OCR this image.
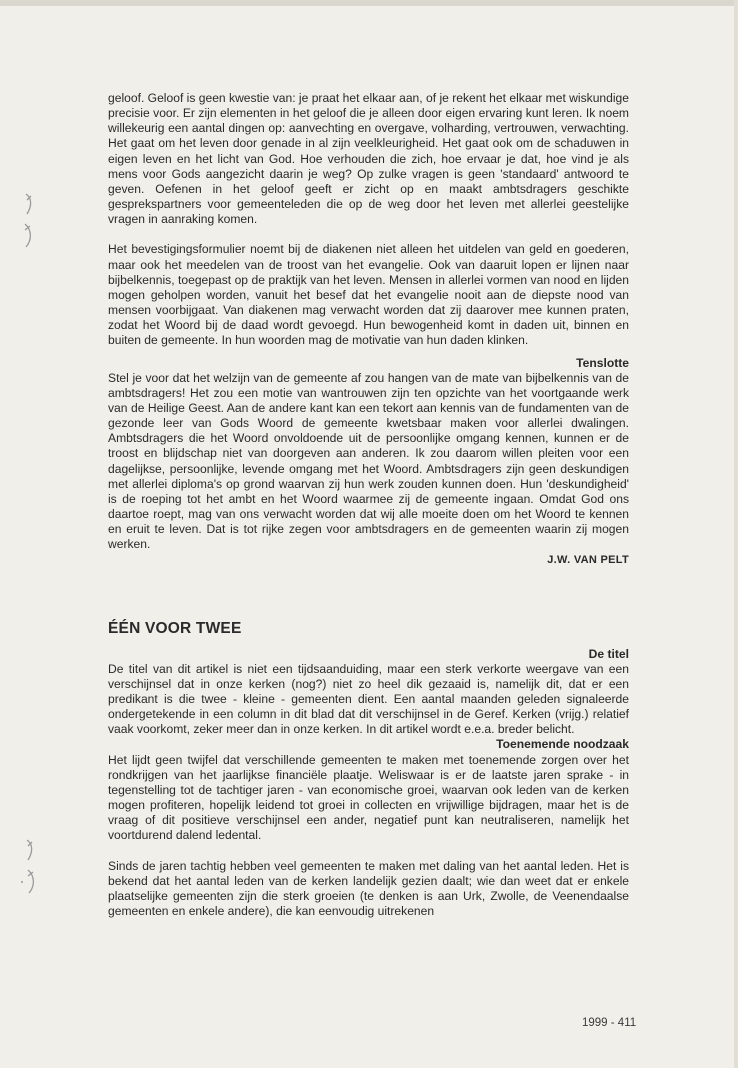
geloof. Geloof is geen kwestie van: je praat het elkaar aan, of je rekent het elkaar met wiskundige precisie voor. Er zijn elementen in het geloof die je alleen door eigen ervaring kunt leren. Ik noem willekeurig een aantal dingen op: aanvechting en overgave, volharding, vertrouwen, verwachting. Het gaat om het leven door genade in al zijn veelkleurigheid. Het gaat ook om de schaduwen in eigen leven en het licht van God. Hoe verhouden die zich, hoe ervaar je dat, hoe vind je als mens voor Gods aangezicht daarin je weg? Op zulke vragen is geen 'standaard' antwoord te geven. Oefenen in het geloof geeft er zicht op en maakt ambtsdragers geschikte gesprekspartners voor gemeenteleden die op de weg door het leven met allerlei geestelijke vragen in aanraking komen.

Het bevestigingsformulier noemt bij de diakenen niet alleen het uitdelen van geld en goederen, maar ook het meedelen van de troost van het evangelie. Ook van daaruit lopen er lijnen naar bijbelkennis, toegepast op de praktijk van het leven. Mensen in allerlei vormen van nood en lijden mogen geholpen worden, vanuit het besef dat het evangelie nooit aan de diepste nood van mensen voorbijgaat. Van diakenen mag verwacht worden dat zij daarover mee kunnen praten, zodat het Woord bij de daad wordt gevoegd. Hun bewogenheid komt in daden uit, binnen en buiten de gemeente. In hun woorden mag de motivatie van hun daden klinken.

Tenslotte

Stel je voor dat het welzijn van de gemeente af zou hangen van de mate van bijbelkennis van de ambtsdragers! Het zou een motie van wantrouwen zijn ten opzichte van het voortgaande werk van de Heilige Geest. Aan de andere kant kan een tekort aan kennis van de fundamenten van de gezonde leer van Gods Woord de gemeente kwetsbaar maken voor allerlei dwalingen. Ambtsdragers die het Woord onvoldoende uit de persoonlijke omgang kennen, kunnen er de troost en blijdschap niet van doorgeven aan anderen. Ik zou daarom willen pleiten voor een dagelijkse, persoonlijke, levende omgang met het Woord. Ambtsdragers zijn geen deskundigen met allerlei diploma's op grond waarvan zij hun werk zouden kunnen doen. Hun 'deskundigheid' is de roeping tot het ambt en het Woord waarmee zij de gemeente ingaan. Omdat God ons daartoe roept, mag van ons verwacht worden dat wij alle moeite doen om het Woord te kennen en eruit te leven. Dat is tot rijke zegen voor ambtsdragers en de gemeenten waarin zij mogen werken.

J.W. VAN PELT

ÉÉN VOOR TWEE

De titel

De titel van dit artikel is niet een tijdsaanduiding, maar een sterk verkorte weergave van een verschijnsel dat in onze kerken (nog?) niet zo heel dik gezaaid is, namelijk dit, dat er een predikant is die twee - kleine - gemeenten dient. Een aantal maanden geleden signaleerde ondergetekende in een column in dit blad dat dit verschijnsel in de Geref. Kerken (vrijg.) relatief vaak voorkomt, zeker meer dan in onze kerken. In dit artikel wordt e.e.a. breder belicht.

Toenemende noodzaak

Het lijdt geen twijfel dat verschillende gemeenten te maken met toenemende zorgen over het rondkrijgen van het jaarlijkse financiële plaatje. Weliswaar is er de laatste jaren sprake - in tegenstelling tot de tachtiger jaren - van economische groei, waarvan ook leden van de kerken mogen profiteren, hopelijk leidend tot groei in collecten en vrijwillige bijdragen, maar het is de vraag of dit positieve verschijnsel een ander, negatief punt kan neutraliseren, namelijk het voortdurend dalend ledental.

Sinds de jaren tachtig hebben veel gemeenten te maken met daling van het aantal leden. Het is bekend dat het aantal leden van de kerken landelijk gezien daalt; wie dan weet dat er enkele plaatselijke gemeenten zijn die sterk groeien (te denken is aan Urk, Zwolle, de Veenendaalse gemeenten en enkele andere), die kan eenvoudig uitrekenen

1999 - 411
